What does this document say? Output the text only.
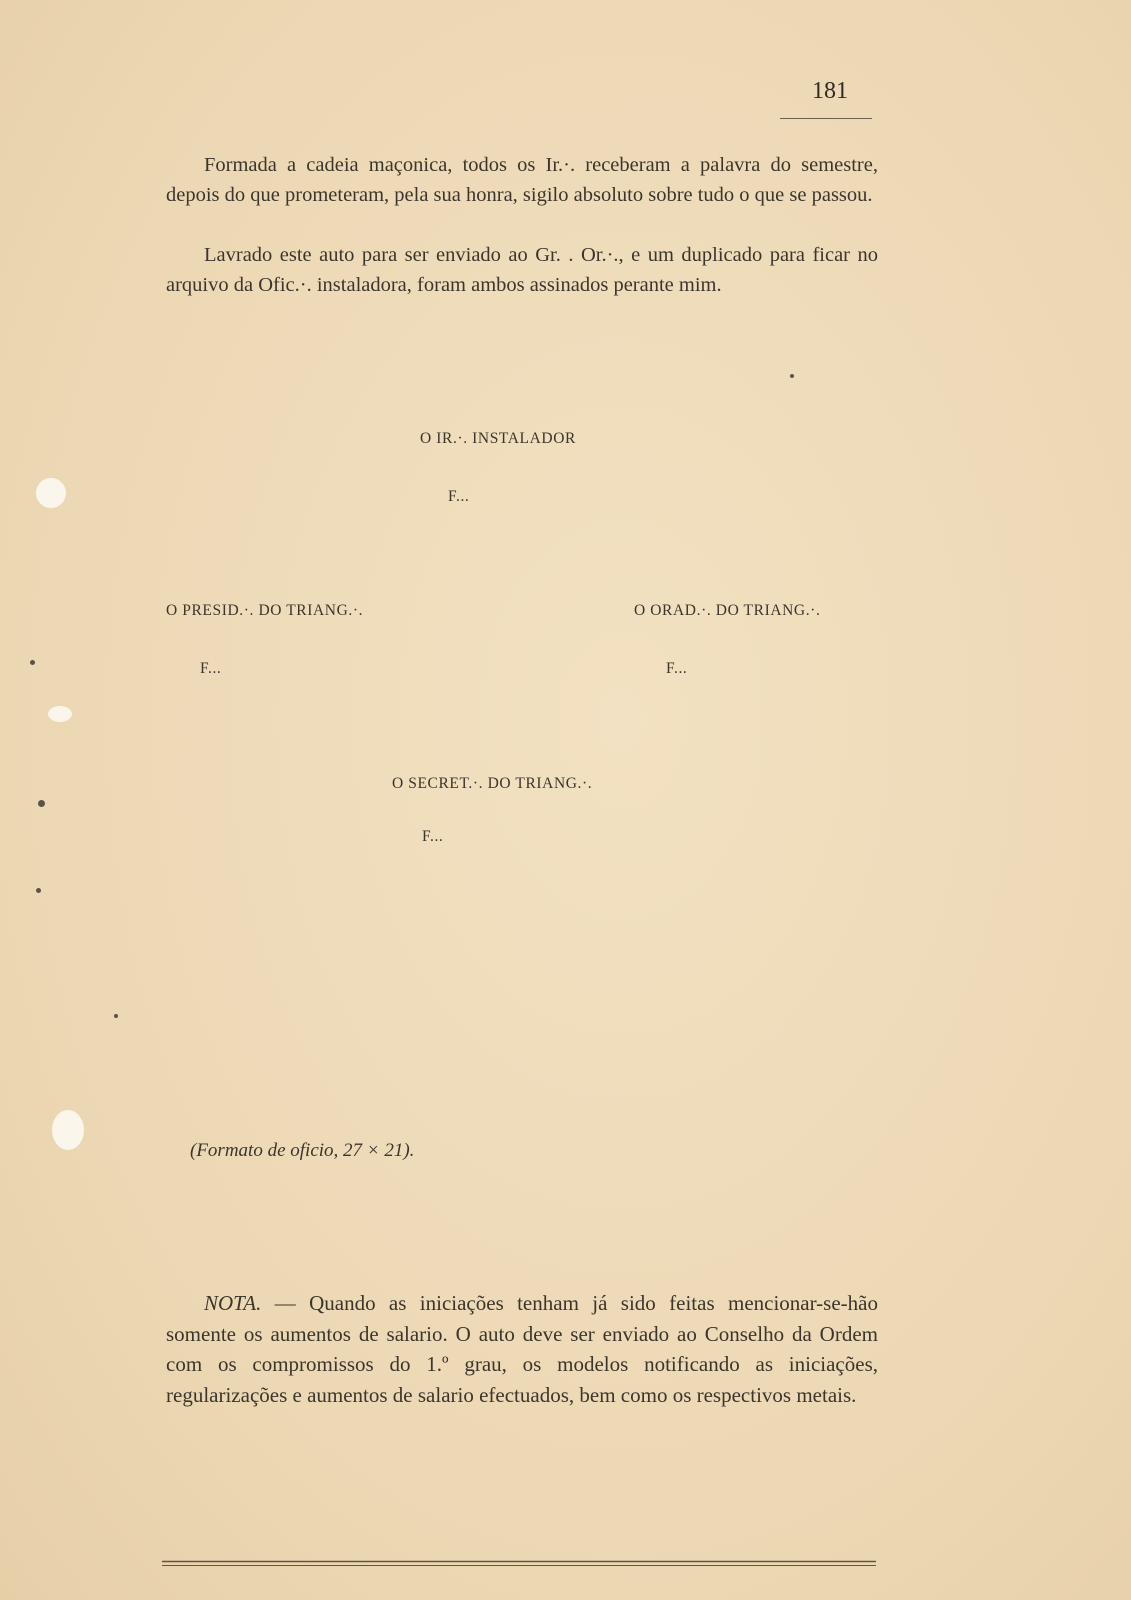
181

Formada a cadeia maçonica, todos os Ir.·. receberam a palavra do semestre, depois do que prometeram, pela sua honra, sigilo absoluto sobre tudo o que se passou.

Lavrado este auto para ser enviado ao Gr. . Or.·., e um duplicado para ficar no arquivo da Ofic.·. instaladora, foram ambos assinados perante mim.

O IR.·. INSTALADOR
F...
O PRESID.·. DO TRIANG.·.
F...
O ORAD.·. DO TRIANG.·.
F...
O SECRET.·. DO TRIANG.·.
F...
(Formato de oficio, 27 × 21).

NOTA. — Quando as iniciações tenham já sido feitas mencionar-se-hão somente os aumentos de salario. O auto deve ser enviado ao Conselho da Ordem com os compromissos do 1.º grau, os modelos notificando as iniciações, regularizações e aumentos de salario efectuados, bem como os respectivos metais.
